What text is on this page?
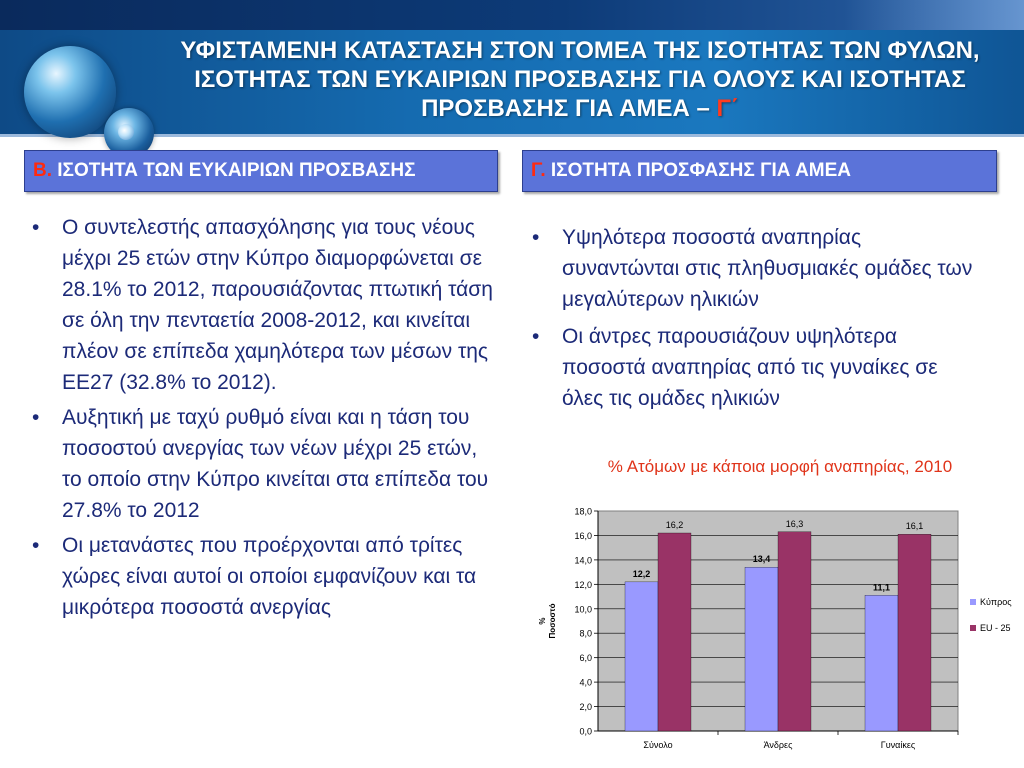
ΥΦΙΣΤΑΜΕΝΗ ΚΑΤΑΣΤΑΣΗ ΣΤΟΝ ΤΟΜΕΑ ΤΗΣ ΙΣΟΤΗΤΑΣ ΤΩΝ ΦΥΛΩΝ, ΙΣΟΤΗΤΑΣ ΤΩΝ ΕΥΚΑΙΡΙΩΝ ΠΡΟΣΒΑΣΗΣ ΓΙΑ ΟΛΟΥΣ ΚΑΙ ΙΣΟΤΗΤΑΣ ΠΡΟΣΒΑΣΗΣ ΓΙΑ ΑΜΕΑ – Γ΄
Β. ΙΣΟΤΗΤΑ ΤΩΝ ΕΥΚΑΙΡΙΩΝ ΠΡΟΣΒΑΣΗΣ	Γ. ΙΣΟΤΗΤΑ ΠΡΟΣΦΑΣΗΣ ΓΙΑ ΑΜΕΑ
• Ο συντελεστής απασχόλησης για τους νέους μέχρι 25 ετών στην Κύπρο διαμορφώνεται σε 28.1% το 2012, παρουσιάζοντας πτωτική τάση σε όλη την πενταετία 2008-2012, και κινείται πλέον σε επίπεδα χαμηλότερα των μέσων της ΕΕ27 (32.8% το 2012).
• Αυξητική με ταχύ ρυθμό είναι και η τάση του ποσοστού ανεργίας των νέων μέχρι 25 ετών, το οποίο στην Κύπρο κινείται στα επίπεδα του 27.8% το 2012
• Οι μετανάστες που προέρχονται από τρίτες χώρες είναι αυτοί οι οποίοι εμφανίζουν και τα μικρότερα ποσοστά ανεργίας
• Υψηλότερα ποσοστά αναπηρίας συναντώνται στις πληθυσμιακές ομάδες των μεγαλύτερων ηλικιών
• Οι άντρες παρουσιάζουν υψηλότερα ποσοστά αναπηρίας από τις γυναίκες σε όλες τις ομάδες ηλικιών
% Ατόμων με κάποια μορφή αναπηρίας, 2010
0,0
2,0
4,0
6,0
8,0
10,0
12,0
14,0
16,0
18,0
12,2
16,2
Σύνολο
13,4
16,3
Άνδρες
11,1
16,1
Γυναίκες
%Ποσοστό
Κύπρος
EU - 25
